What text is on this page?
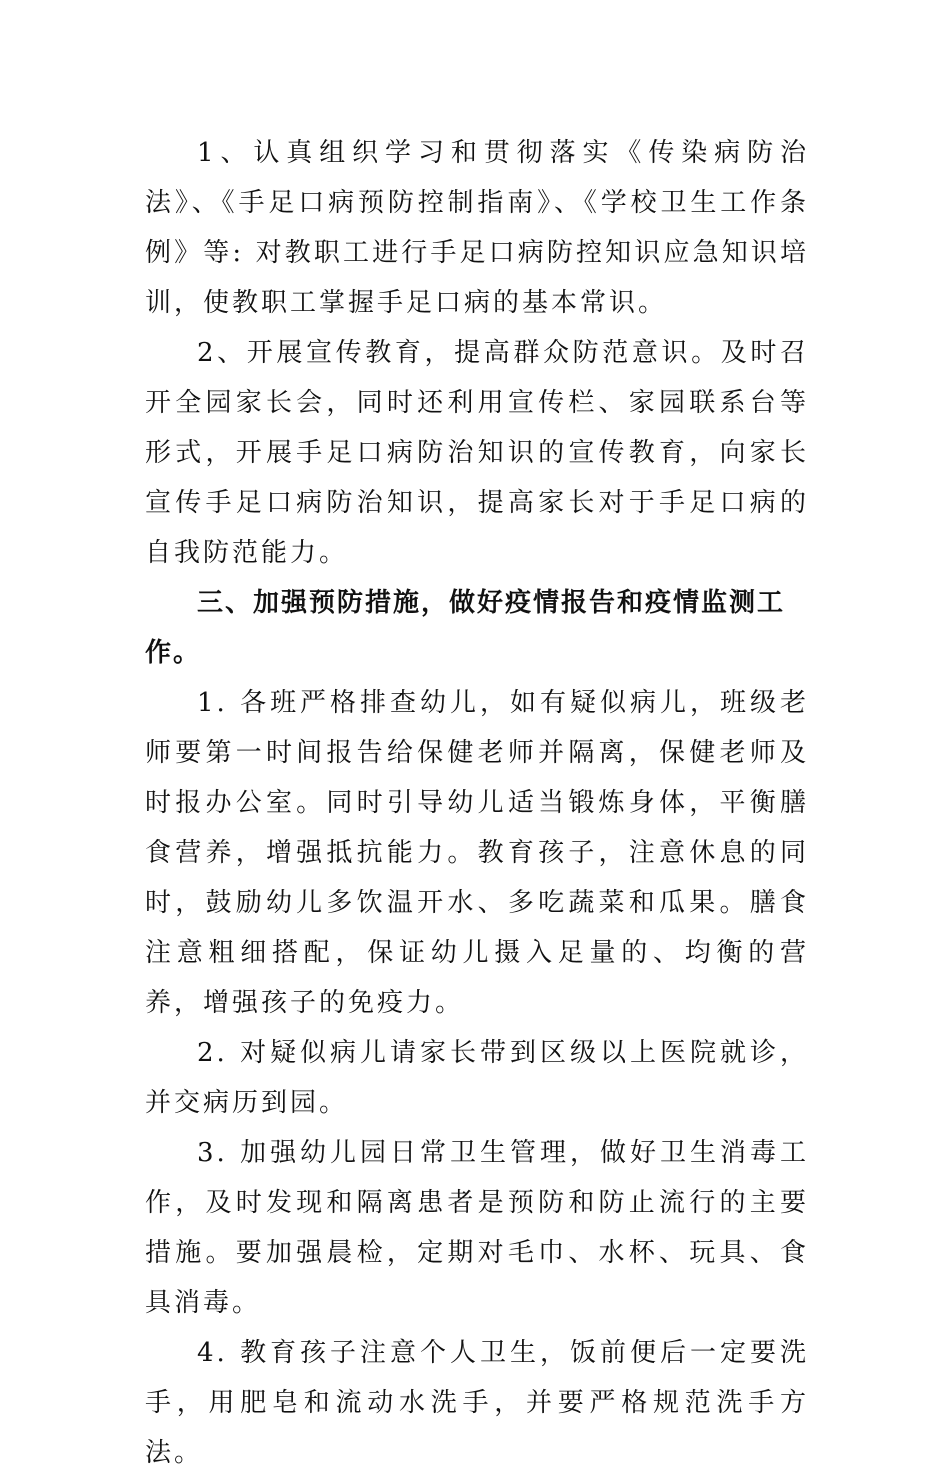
1、认真组织学习和贯彻落实《传染病防治法》、《手足口病预防控制指南》、《学校卫生工作条例》等: 对教职工进行手足口病防控知识应急知识培训，使教职工掌握手足口病的基本常识。

2、开展宣传教育，提高群众防范意识。及时召开全园家长会，同时还利用宣传栏、家园联系台等形式，开展手足口病防治知识的宣传教育，向家长宣传手足口病防治知识，提高家长对于手足口病的自我防范能力。

三、加强预防措施，做好疫情报告和疫情监测工作。

1. 各班严格排查幼儿，如有疑似病儿，班级老师要第一时间报告给保健老师并隔离，保健老师及时报办公室。同时引导幼儿适当锻炼身体，平衡膳食营养，增强抵抗能力。教育孩子，注意休息的同时，鼓励幼儿多饮温开水、多吃蔬菜和瓜果。膳食注意粗细搭配，保证幼儿摄入足量的、均衡的营养，增强孩子的免疫力。

2. 对疑似病儿请家长带到区级以上医院就诊，并交病历到园。

3. 加强幼儿园日常卫生管理，做好卫生消毒工作，及时发现和隔离患者是预防和防止流行的主要措施。要加强晨检，定期对毛巾、水杯、玩具、食具消毒。

4. 教育孩子注意个人卫生，饭前便后一定要洗手，用肥皂和流动水洗手，并要严格规范洗手方法。
